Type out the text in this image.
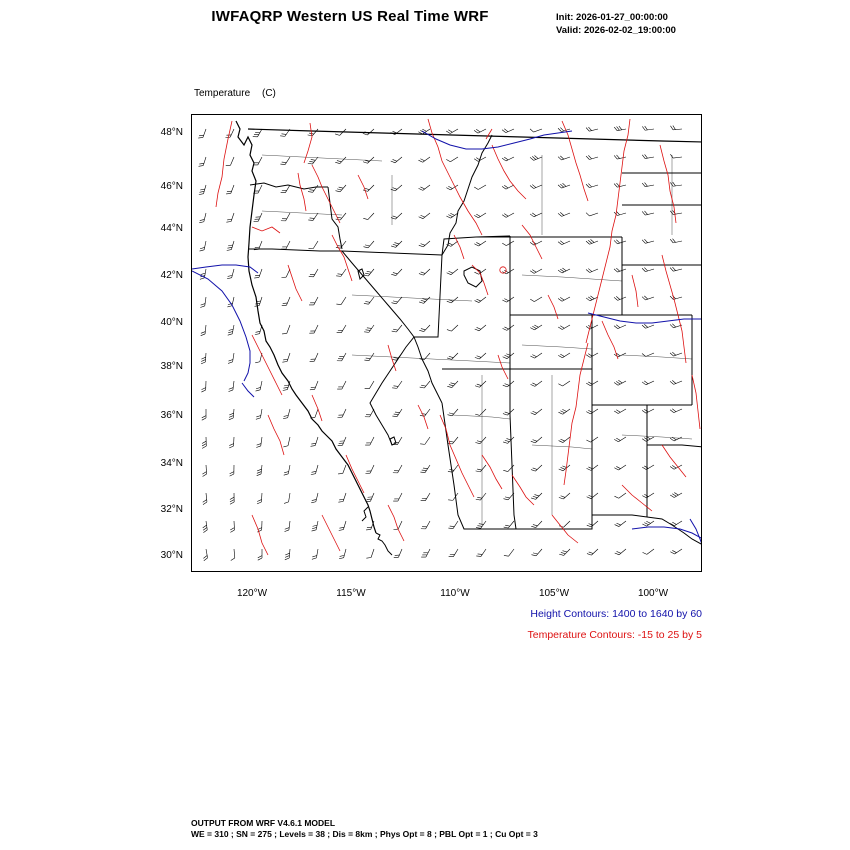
IWFAQRP Western US Real Time WRF	Init: 2026-01-27_00:00:00
Valid: 2026-02-02_19:00:00

Temperature (C)

48°N
46°N
44°N
42°N
40°N
38°N
36°N
34°N
32°N
30°N
120°W	115°W	110°W	105°W	100°W
Height Contours: 1400 to 1640 by 60
Temperature Contours: -15 to 25 by 5
OUTPUT FROM WRF V4.6.1 MODEL
WE = 310 ; SN = 275 ; Levels = 38 ; Dis = 8km ; Phys Opt = 8 ; PBL Opt = 1 ; Cu Opt = 3
